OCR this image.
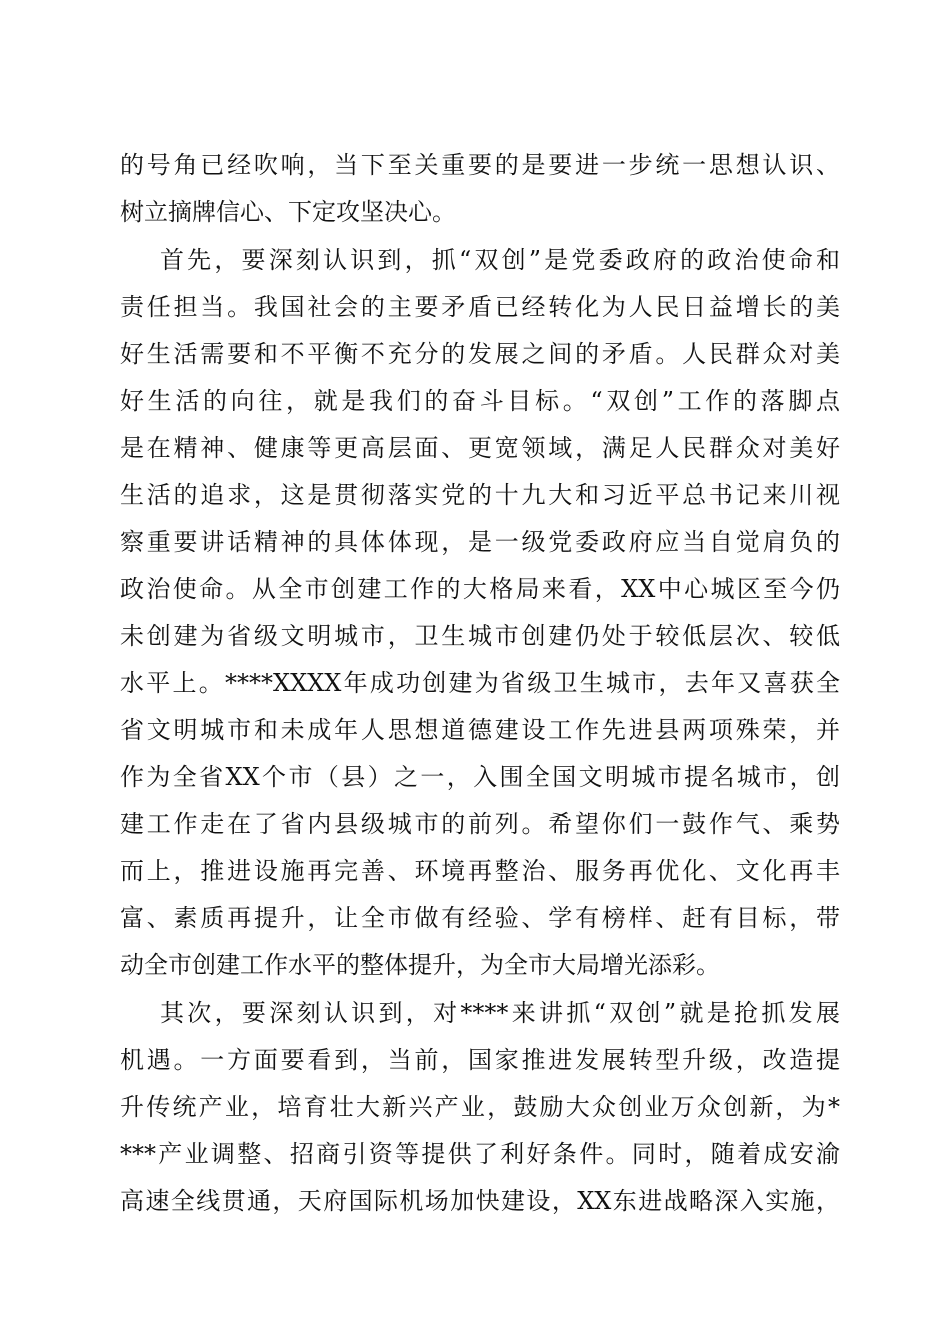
的号角已经吹响，当下至关重要的是要进一步统一思想认识、

树立摘牌信心、下定攻坚决心。

首先，要深刻认识到，抓“双创”是党委政府的政治使命和

责任担当。我国社会的主要矛盾已经转化为人民日益增长的美

好生活需要和不平衡不充分的发展之间的矛盾。人民群众对美

好生活的向往，就是我们的奋斗目标。“双创”工作的落脚点

是在精神、健康等更高层面、更宽领域，满足人民群众对美好

生活的追求，这是贯彻落实党的十九大和习近平总书记来川视

察重要讲话精神的具体体现，是一级党委政府应当自觉肩负的

政治使命。从全市创建工作的大格局来看，XX中心城区至今仍

未创建为省级文明城市，卫生城市创建仍处于较低层次、较低

水平上。****XXXX年成功创建为省级卫生城市，去年又喜获全

省文明城市和未成年人思想道德建设工作先进县两项殊荣，并

作为全省XX个市（县）之一，入围全国文明城市提名城市，创

建工作走在了省内县级城市的前列。希望你们一鼓作气、乘势

而上，推进设施再完善、环境再整治、服务再优化、文化再丰

富、素质再提升，让全市做有经验、学有榜样、赶有目标，带

动全市创建工作水平的整体提升，为全市大局增光添彩。

其次，要深刻认识到，对****来讲抓“双创”就是抢抓发展

机遇。一方面要看到，当前，国家推进发展转型升级，改造提

升传统产业，培育壮大新兴产业，鼓励大众创业万众创新，为*

***产业调整、招商引资等提供了利好条件。同时，随着成安渝

高速全线贯通，天府国际机场加快建设，XX东进战略深入实施，
